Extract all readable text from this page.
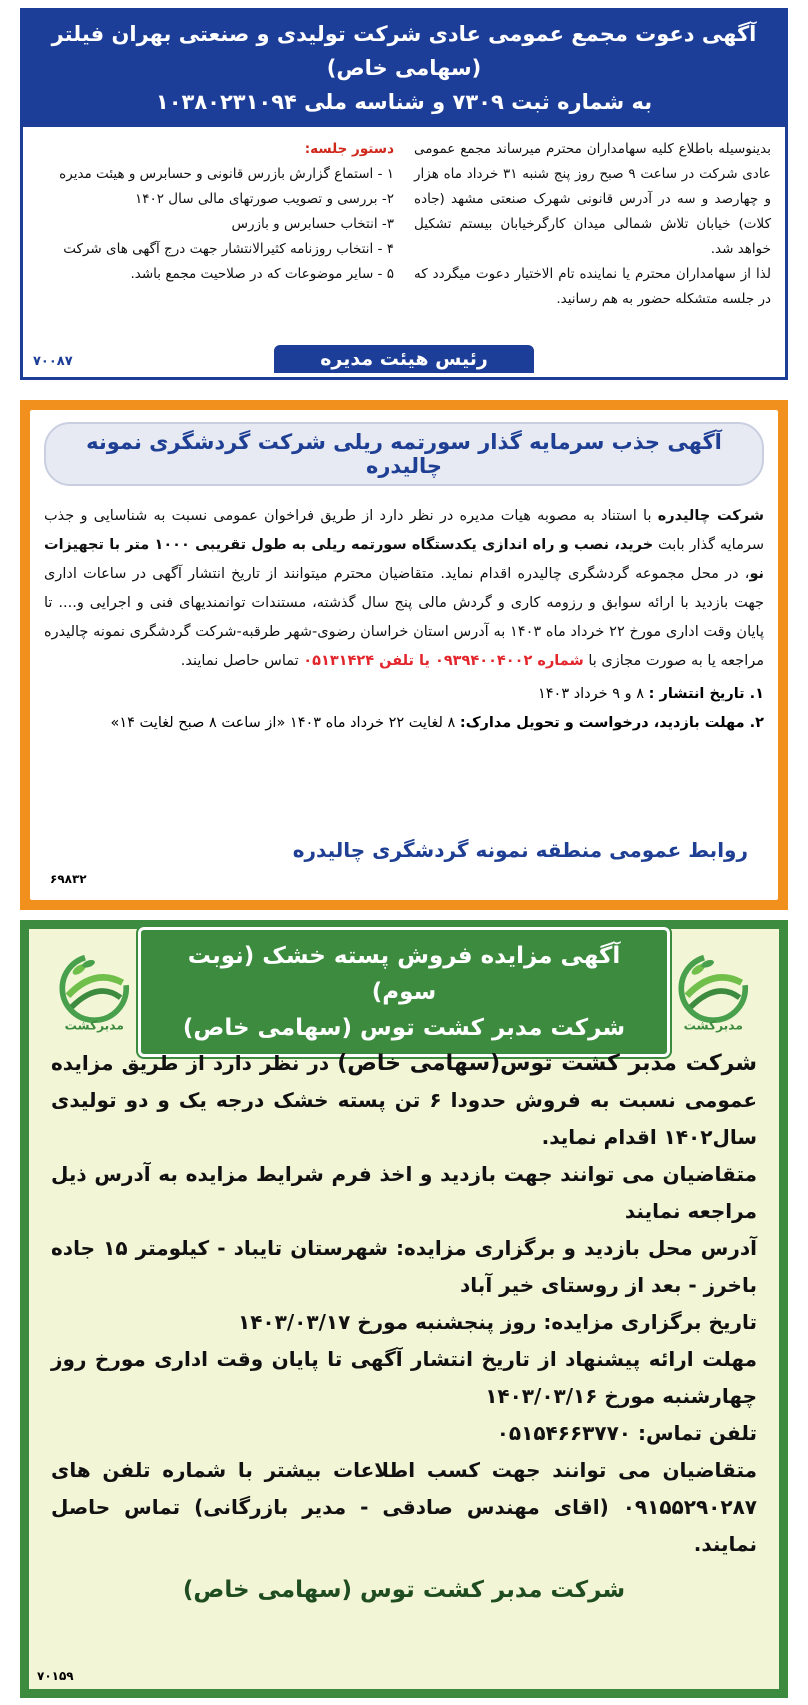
آگهی دعوت مجمع عمومی عادی شرکت تولیدی و صنعتی بهران فیلتر (سهامی خاص)
به شماره ثبت ۷۳۰۹ و شناسه ملی ۱۰۳۸۰۲۳۱۰۹۴
بدینوسیله باطلاع کلیه سهامداران محترم میرساند مجمع عمومی عادی شرکت در ساعت ۹ صبح روز پنج شنبه ۳۱ خرداد ماه هزار و چهارصد و سه در آدرس قانونی شهرک صنعتی مشهد (جاده کلات) خیابان تلاش شمالی میدان کارگرخیابان بیستم تشکیل خواهد شد.
لذا از سهامداران محترم یا نماینده تام الاختیار دعوت میگردد که در جلسه متشکله حضور به هم رسانید.
دستور جلسه:
۱ - استماع گزارش بازرس قانونی و حسابرس و هیئت مدیره
۲- بررسی و تصویب صورتهای مالی سال ۱۴۰۲
۳- انتخاب حسابرس و بازرس
۴ - انتخاب روزنامه کثیرالانتشار جهت درج آگهی های شرکت
۵ - سایر موضوعات که در صلاحیت مجمع باشد.
رئیس هیئت مدیره
۷۰۰۸۷
آگهی جذب سرمایه گذار سورتمه ریلی شرکت گردشگری نمونه چالیدره
شرکت چالیدره با استناد به مصوبه هیات مدیره در نظر دارد از طریق فراخوان عمومی نسبت به شناسایی و جذب سرمایه گذار بابت خرید، نصب و راه اندازی یکدستگاه سورتمه ریلی به طول تقریبی ۱۰۰۰ متر با تجهیزات نو، در محل مجموعه گردشگری چالیدره اقدام نماید. متقاضیان محترم میتوانند از تاریخ انتشار آگهی در ساعات اداری جهت بازدید با ارائه سوابق و رزومه کاری و گردش مالی پنج سال گذشته، مستندات توانمندیهای فنی و اجرایی و.... تا پایان وقت اداری مورخ ۲۲ خرداد ماه ۱۴۰۳ به آدرس استان خراسان رضوی-شهر طرقبه-شرکت گردشگری نمونه چالیدره مراجعه یا به صورت مجازی با شماره ۰۹۳۹۴۰۰۴۰۰۲ یا تلفن ۰۵۱۳۱۴۲۴ تماس حاصل نمایند.
۱. تاریخ انتشار : ۸ و ۹ خرداد ۱۴۰۳
۲. مهلت بازدید، درخواست و تحویل مدارک: ۸ لغایت ۲۲ خرداد ماه ۱۴۰۳ «از ساعت ۸ صبح لغایت ۱۴»
روابط عمومی منطقه نمونه گردشگری چالیدره
۶۹۸۳۲
مدبرکشت
آگهی مزایده فروش پسته خشک (نوبت سوم)
شرکت مدبر کشت توس (سهامی خاص)
مدبرکشت
شرکت مدبر کشت توس(سهامی خاص) در نظر دارد از طریق مزایده عمومی نسبت به فروش حدودا ۶ تن پسته خشک درجه یک و دو تولیدی سال۱۴۰۲ اقدام نماید.
متقاضیان می توانند جهت بازدید و اخذ فرم شرایط مزایده به آدرس ذیل مراجعه نمایند
آدرس محل بازدید و برگزاری مزایده: شهرستان تایباد - کیلومتر ۱۵ جاده باخرز - بعد از روستای خیر آباد
تاریخ برگزاری مزایده: روز پنجشنبه مورخ ۱۴۰۳/۰۳/۱۷
مهلت ارائه پیشنهاد از تاریخ انتشار آگهی تا پایان وقت اداری مورخ روز چهارشنبه مورخ ۱۴۰۳/۰۳/۱۶
تلفن تماس: ۰۵۱۵۴۶۶۳۷۷۰
متقاضیان می توانند جهت کسب اطلاعات بیشتر با شماره تلفن های ۰۹۱۵۵۲۹۰۲۸۷ (اقای مهندس صادقی - مدیر بازرگانی) تماس حاصل نمایند.
شرکت مدبر کشت توس (سهامی خاص)
۷۰۱۵۹
